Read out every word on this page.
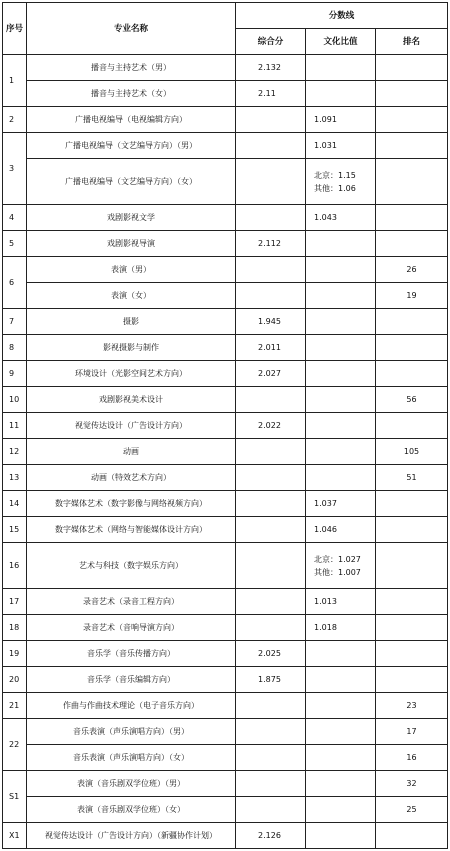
序号	专业名称	分数线		
		综合分	文化比值	排名
1	播音与主持艺术（男）	2.132		
	播音与主持艺术（女）	2.11		
2	广播电视编导（电视编辑方向）		1.091	
3	广播电视编导（文艺编导方向）（男）		1.031	
	广播电视编导（文艺编导方向）（女）		北京：1.15
其他：1.06	
4	戏剧影视文学		1.043	
5	戏剧影视导演	2.112		
6	表演（男）			26
	表演（女）			19
7	摄影	1.945		
8	影视摄影与制作	2.011		
9	环境设计（光影空间艺术方向）	2.027		
10	戏剧影视美术设计			56
11	视觉传达设计（广告设计方向）	2.022		
12	动画			105
13	动画（特效艺术方向）			51
14	数字媒体艺术（数字影像与网络视频方向）		1.037	
15	数字媒体艺术（网络与智能媒体设计方向）		1.046	
16	艺术与科技（数字娱乐方向）		北京：1.027
其他：1.007	
17	录音艺术（录音工程方向）		1.013	
18	录音艺术（音响导演方向）		1.018	
19	音乐学（音乐传播方向）	2.025		
20	音乐学（音乐编辑方向）	1.875		
21	作曲与作曲技术理论（电子音乐方向）			23
22	音乐表演（声乐演唱方向）（男）			17
	音乐表演（声乐演唱方向）（女）			16
S1	表演（音乐剧双学位班）（男）			32
	表演（音乐剧双学位班）（女）			25
X1	视觉传达设计（广告设计方向）（新疆协作计划）	2.126		
